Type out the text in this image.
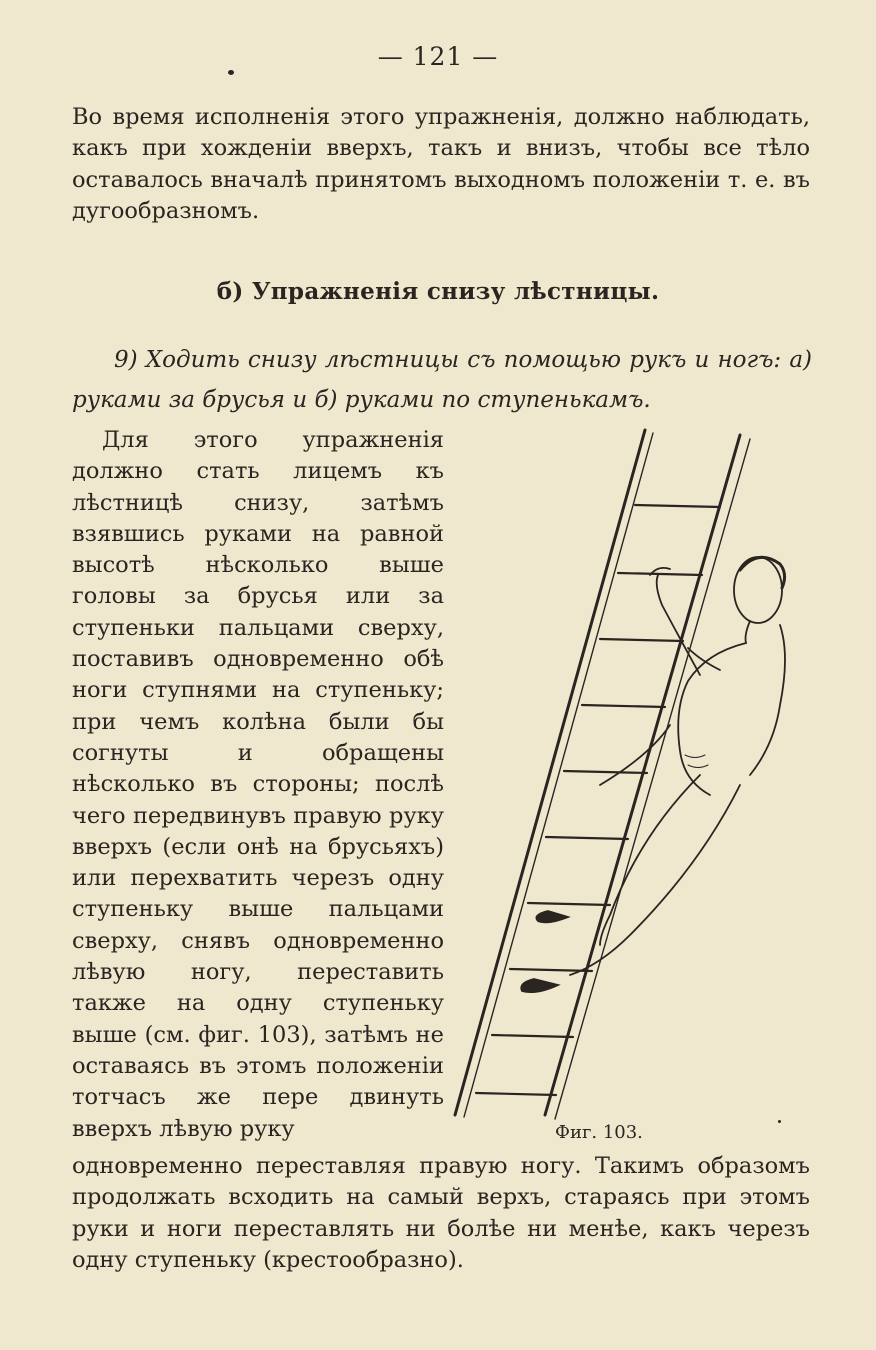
— 121 —

Во время исполненія этого упражненія, должно наблюдать, какъ при хожденіи вверхъ, такъ и внизъ, чтобы все тѣло оставалось вначалѣ принятомъ выходномъ положеніи т. е. въ дугообразномъ.

б) Упражненія снизу лѣстницы.

9) Ходить снизу лѣстницы съ помощью рукъ и ногъ: а) руками за брусья и б) руками по ступенькамъ.

Для этого упражненія должно стать лицемъ къ лѣстницѣ снизу, затѣмъ взявшись руками на равной высотѣ нѣсколько выше головы за брусья или за ступеньки пальцами сверху, поставивъ одновременно обѣ ноги ступнями на ступеньку; при чемъ колѣна были бы согнуты и обращены нѣсколько въ стороны; послѣ чего передвинувъ правую руку вверхъ (если онѣ на брусьяхъ) или перехватить черезъ одну ступеньку выше пальцами сверху, снявъ одновременно лѣвую ногу, переставить также на одну ступеньку выше (см. фиг. 103), затѣмъ не оставаясь въ этомъ положеніи тотчасъ же пере двинуть вверхъ лѣвую руку	Фиг. 103.

одновременно переставляя правую ногу. Такимъ образомъ продолжать всходить на самый верхъ, стараясь при этомъ руки и ноги переставлять ни болѣе ни менѣе, какъ черезъ одну ступеньку (крестообразно).
